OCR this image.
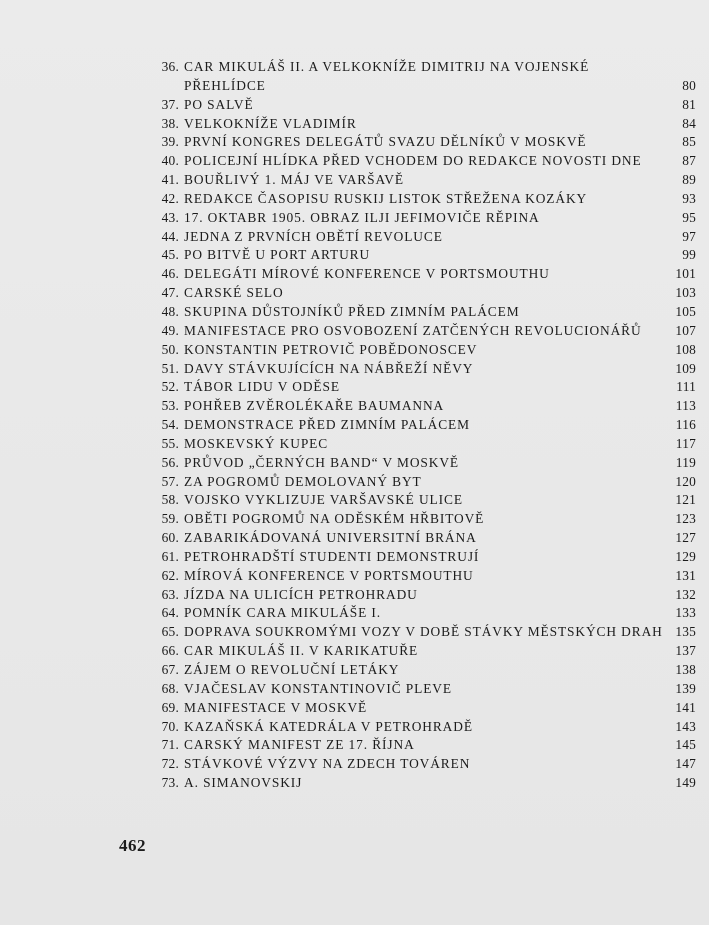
36. CAR MIKULÁŠ II. A VELKOKNÍŽE DIMITRIJ NA VOJENSKÉ
PŘEHLÍDCE	80
37. PO SALVĚ	81
38. VELKOKNÍŽE VLADIMÍR	84
39. PRVNÍ KONGRES DELEGÁTŮ SVAZU DĚLNÍKŮ V MOSKVĚ	85
40. POLICEJNÍ HLÍDKA PŘED VCHODEM DO REDAKCE NOVOSTI DNE	87
41. BOUŘLIVÝ 1. MÁJ VE VARŠAVĚ	89
42. REDAKCE ČASOPISU RUSKIJ LISTOK STŘEŽENA KOZÁKY	93
43. 17. OKTABR 1905. OBRAZ ILJI JEFIMOVIČE RĚPINA	95
44. JEDNA Z PRVNÍCH OBĚTÍ REVOLUCE	97
45. PO BITVĚ U PORT ARTURU	99
46. DELEGÁTI MÍROVÉ KONFERENCE V PORTSMOUTHU	101
47. CARSKÉ SELO	103
48. SKUPINA DŮSTOJNÍKŮ PŘED ZIMNÍM PALÁCEM	105
49. MANIFESTACE PRO OSVOBOZENÍ ZATČENÝCH REVOLUCIONÁŘŮ	107
50. KONSTANTIN PETROVIČ POBĚDONOSCEV	108
51. DAVY STÁVKUJÍCÍCH NA NÁBŘEŽÍ NĚVY	109
52. TÁBOR LIDU V ODĚSE	111
53. POHŘEB ZVĚROLÉKAŘE BAUMANNA	113
54. DEMONSTRACE PŘED ZIMNÍM PALÁCEM	116
55. MOSKEVSKÝ KUPEC	117
56. PRŮVOD „ČERNÝCH BAND“ V MOSKVĚ	119
57. ZA POGROMŮ DEMOLOVANÝ BYT	120
58. VOJSKO VYKLIZUJE VARŠAVSKÉ ULICE	121
59. OBĚTI POGROMŮ NA ODĚSKÉM HŘBITOVĚ	123
60. ZABARIKÁDOVANÁ UNIVERSITNÍ BRÁNA	127
61. PETROHRADŠTÍ STUDENTI DEMONSTRUJÍ	129
62. MÍROVÁ KONFERENCE V PORTSMOUTHU	131
63. JÍZDA NA ULICÍCH PETROHRADU	132
64. POMNÍK CARA MIKULÁŠE I.	133
65. DOPRAVA SOUKROMÝMI VOZY V DOBĚ STÁVKY MĚSTSKÝCH DRAH 135
66. CAR MIKULÁŠ II. V KARIKATUŘE	137
67. ZÁJEM O REVOLUČNÍ LETÁKY	138
68. VJAČESLAV KONSTANTINOVIČ PLEVE	139
69. MANIFESTACE V MOSKVĚ	141
70. KAZAŇSKÁ KATEDRÁLA V PETROHRADĚ	143
71. CARSKÝ MANIFEST ZE 17. ŘÍJNA	145
72. STÁVKOVÉ VÝZVY NA ZDECH TOVÁREN	147
73. A. SIMANOVSKIJ	149
462
